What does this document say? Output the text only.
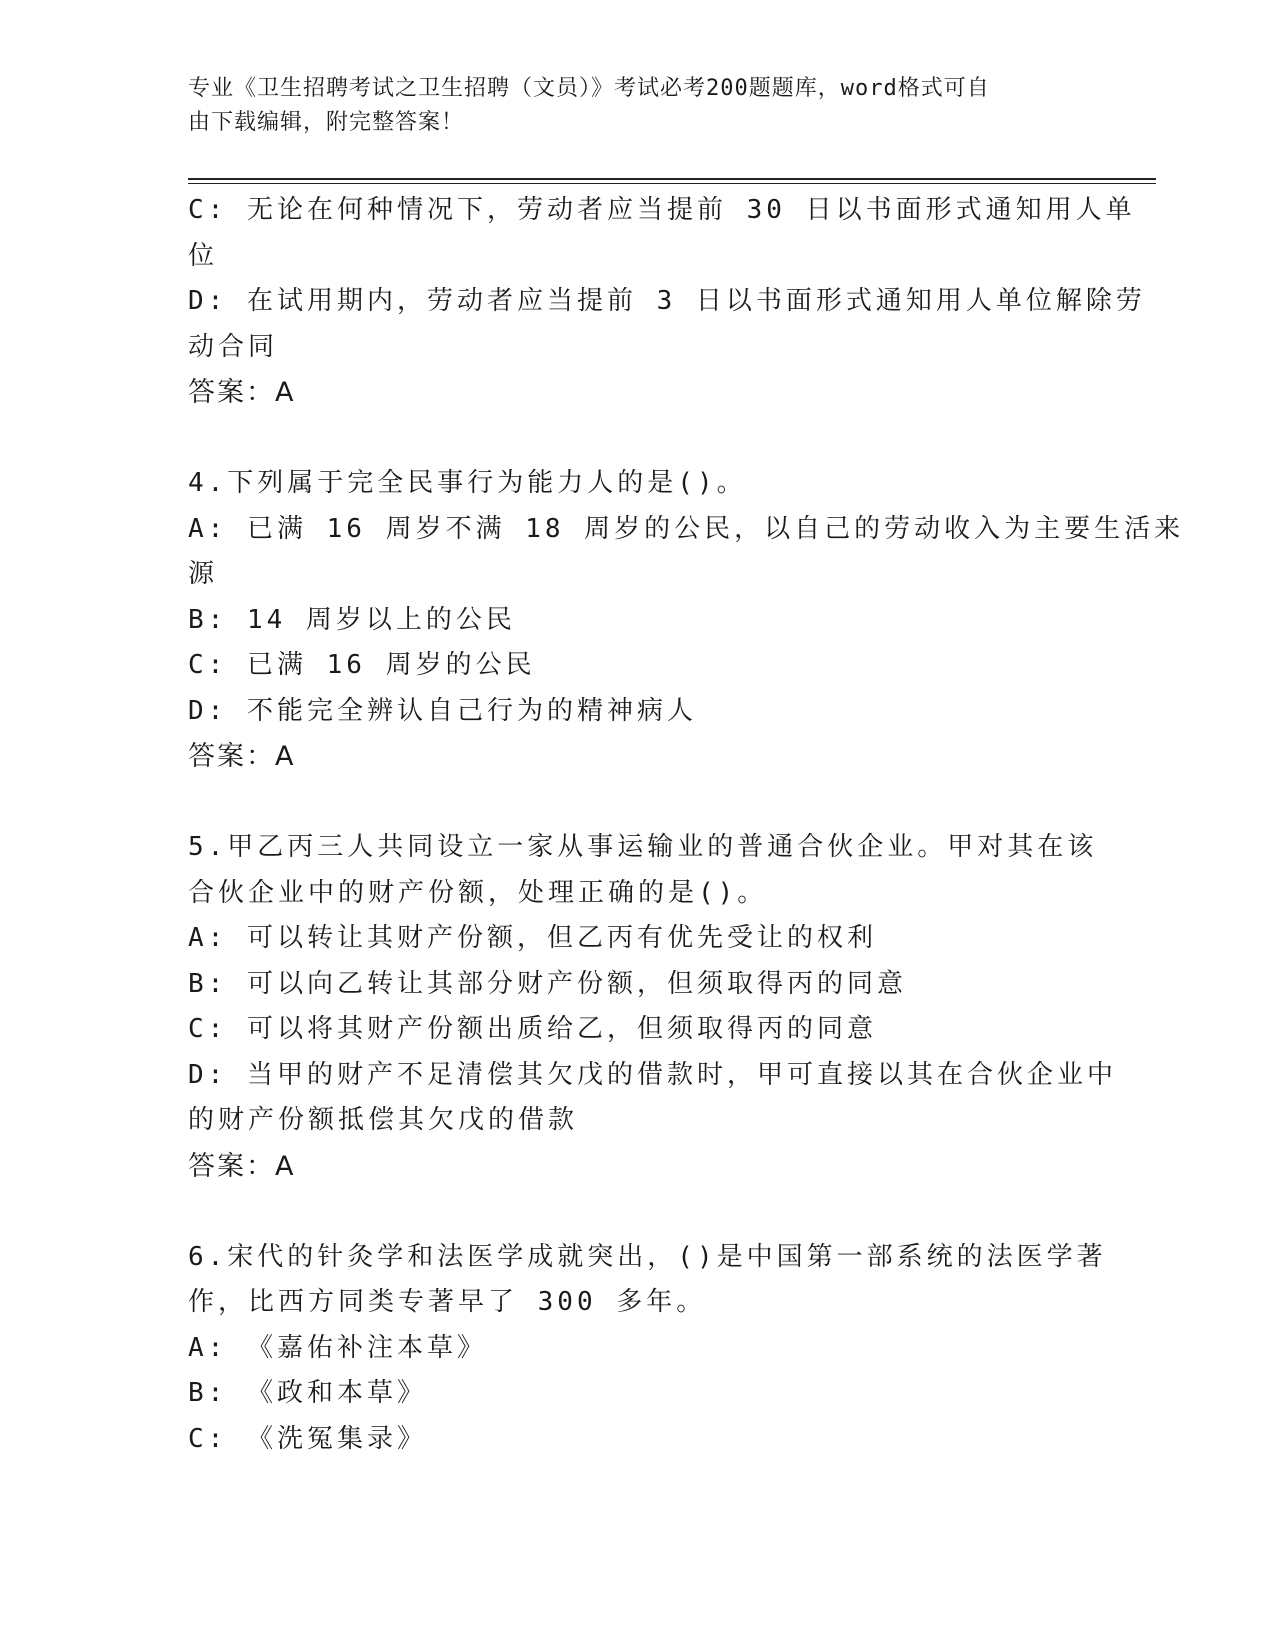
专业《卫生招聘考试之卫生招聘（文员）》考试必考200题题库，word格式可自
由下载编辑，附完整答案！
C: 无论在何种情况下，劳动者应当提前 30 日以书面形式通知用人单
位
D: 在试用期内，劳动者应当提前 3 日以书面形式通知用人单位解除劳
动合同
答案：A
4.下列属于完全民事行为能力人的是()。
A: 已满 16 周岁不满 18 周岁的公民，以自己的劳动收入为主要生活来
源
B: 14 周岁以上的公民
C: 已满 16 周岁的公民
D: 不能完全辨认自己行为的精神病人
答案：A
5.甲乙丙三人共同设立一家从事运输业的普通合伙企业。甲对其在该
合伙企业中的财产份额，处理正确的是()。
A: 可以转让其财产份额，但乙丙有优先受让的权利
B: 可以向乙转让其部分财产份额，但须取得丙的同意
C: 可以将其财产份额出质给乙，但须取得丙的同意
D: 当甲的财产不足清偿其欠戊的借款时，甲可直接以其在合伙企业中
的财产份额抵偿其欠戊的借款
答案：A
6.宋代的针灸学和法医学成就突出，()是中国第一部系统的法医学著
作，比西方同类专著早了 300 多年。
A: 《嘉佑补注本草》
B: 《政和本草》
C: 《洗冤集录》
